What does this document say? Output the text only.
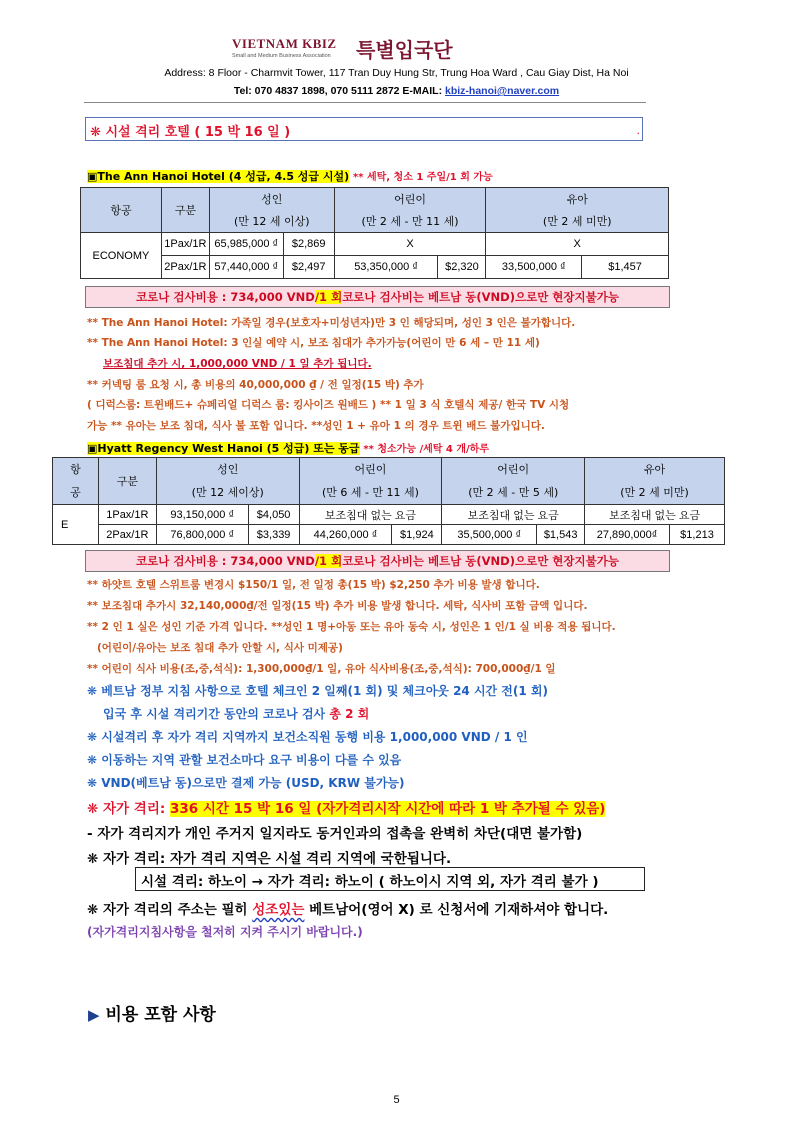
VIETNAM KBIZ
Small and Medium Business Association 특별입국단
Address: 8 Floor - Charmvit Tower, 117 Tran Duy Hung Str, Trung Hoa Ward , Cau Giay Dist, Ha Noi
Tel: 070 4837 1898, 070 5111 2872 E-MAIL: kbiz-hanoi@naver.com
❋ 시설 격리 호텔 ( 15 박 16 일 )	.
▣The Ann Hanoi Hotel (4 성급, 4.5 성급 시설) ** 세탁, 청소 1 주일/1 회 가능
항공	구분	성인		어린이		유아	
		(만 12 세 이상)		(만 2 세 - 만 11 세)		(만 2 세 미만)	
ECONOMY	1Pax/1R	65,985,000 ₫	$2,869	X		X	
	2Pax/1R	57,440,000 ₫	$2,497	53,350,000 ₫	$2,320	33,500,000 ₫	$1,457
코로나 검사비용 : 734,000 VND/1 회코로나 검사비는 베트남 동(VND)으로만 현장지불가능
** The Ann Hanoi Hotel: 가족일 경우(보호자+미성년자)만 3 인 해당되며, 성인 3 인은 불가합니다.
** The Ann Hanoi Hotel: 3 인실 예약 시, 보조 침대가 추가가능(어린이 만 6 세 – 만 11 세)
보조침대 추가 시, 1,000,000 VND / 1 일 추가 됩니다.
** 커넥팅 룸 요청 시, 총 비용의 40,000,000 ₫ / 전 일정(15 박) 추가
( 디럭스룸: 트윈배드+ 슈페리얼 디럭스 룸: 킹사이즈 원배드 ) ** 1 일 3 식 호텔식 제공/ 한국 TV 시청
가능 ** 유아는 보조 침대, 식사 불 포함 입니다. **성인 1 + 유아 1 의 경우 트윈 배드 불가입니다.
▣Hyatt Regency West Hanoi (5 성급) 또는 동급 ** 청소가능 /세탁 4 개/하루
항	구분	성인		어린이		어린이		유아	
공		(만 12 세이상)		(만 6 세 - 만 11 세)		(만 2 세 - 만 5 세)		(만 2 세 미만)	
E	1Pax/1R	93,150,000 ₫	$4,050	보조침대 없는 요금		보조침대 없는 요금		보조침대 없는 요금	
	2Pax/1R	76,800,000 ₫	$3,339	44,260,000 ₫	$1,924	35,500,000 ₫	$1,543	27,890,000₫	$1,213
코로나 검사비용 : 734,000 VND/1 회코로나 검사비는 베트남 동(VND)으로만 현장지불가능
** 하얏트 호텔 스위트룸 변경시 $150/1 일, 전 일정 총(15 박) $2,250 추가 비용 발생 합니다.
** 보조침대 추가시 32,140,000₫/전 일정(15 박) 추가 비용 발생 합니다. 세탁, 식사비 포함 금액 입니다.
** 2 인 1 실은 성인 기준 가격 입니다. **성인 1 명+아동 또는 유아 동숙 시, 성인은 1 인/1 실 비용 적용 됩니다.
(어린이/유아는 보조 침대 추가 안할 시, 식사 미제공)
** 어린이 식사 비용(조,중,석식): 1,300,000₫/1 일, 유아 식사비용(조,중,석식): 700,000₫/1 일
❋ 베트남 정부 지침 사항으로 호텔 체크인 2 일째(1 회) 및 체크아웃 24 시간 전(1 회)
입국 후 시설 격리기간 동안의 코로나 검사 총 2 회
❋ 시설격리 후 자가 격리 지역까지 보건소직원 동행 비용 1,000,000 VND / 1 인
❋ 이동하는 지역 관할 보건소마다 요구 비용이 다를 수 있음
❋ VND(베트남 동)으로만 결제 가능 (USD, KRW 불가능)
❋ 자가 격리: 336 시간 15 박 16 일 (자가격리시작 시간에 따라 1 박 추가될 수 있음)
- 자가 격리지가 개인 주거지 일지라도 동거인과의 접촉을 완벽히 차단(대면 불가함)
❋ 자가 격리: 자가 격리 지역은 시설 격리 지역에 국한됩니다.
시설 격리: 하노이 → 자가 격리: 하노이 ( 하노이시 지역 외, 자가 격리 불가 )
❋ 자가 격리의 주소는 필히 성조있는 베트남어(영어 X) 로 신청서에 기재하셔야 합니다.
(자가격리지침사항을 철저히 지켜 주시기 바랍니다.)
▶ 비용 포함 사항
5
